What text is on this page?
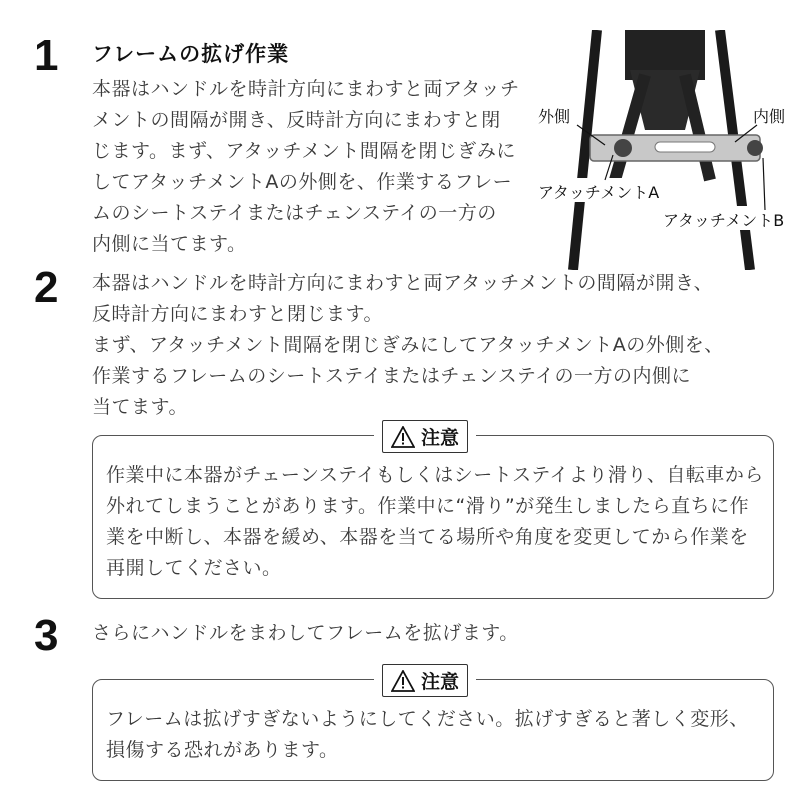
1 フレームの拡げ作業
本器はハンドルを時計方向にまわすと両アタッチ
メントの間隔が開き、反時計方向にまわすと閉
じます。まず、アタッチメント間隔を閉じぎみに
してアタッチメントAの外側を、作業するフレー
ムのシートステイまたはチェンステイの一方の
内側に当てます。
外側	内側
アタッチメントA
アタッチメントB
2 本器はハンドルを時計方向にまわすと両アタッチメントの間隔が開き、
反時計方向にまわすと閉じます。
まず、アタッチメント間隔を閉じぎみにしてアタッチメントAの外側を、
作業するフレームのシートステイまたはチェンステイの一方の内側に
当てます。
注意
作業中に本器がチェーンステイもしくはシートステイより滑り、自転車から
外れてしまうことがあります。作業中に“滑り”が発生しましたら直ちに作
業を中断し、本器を緩め、本器を当てる場所や角度を変更してから作業を
再開してください。
3 さらにハンドルをまわしてフレームを拡げます。
注意
フレームは拡げすぎないようにしてください。拡げすぎると著しく変形、
損傷する恐れがあります。
